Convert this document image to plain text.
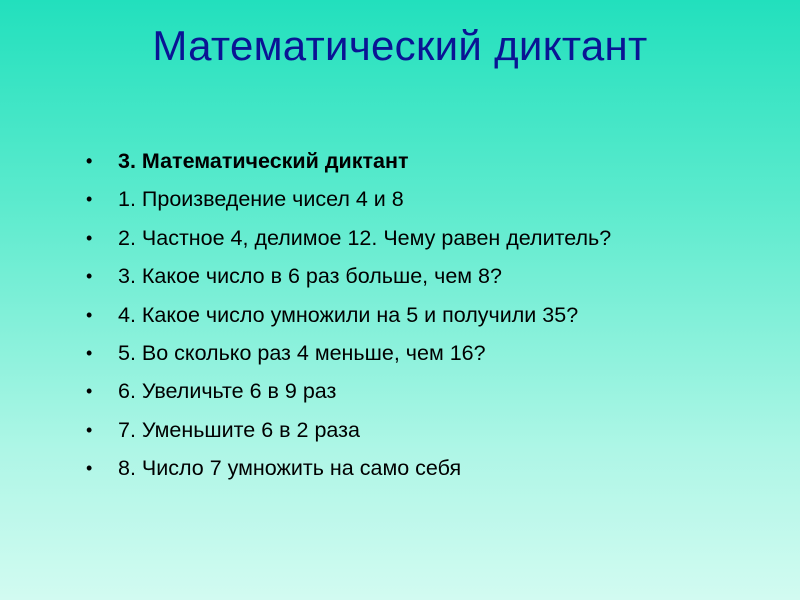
Математический диктант
• 3. Математический диктант
• 1. Произведение чисел 4 и 8
• 2. Частное 4, делимое 12. Чему равен делитель?
• 3. Какое число в 6 раз больше, чем 8?
• 4. Какое число умножили на 5 и получили 35?
• 5. Во сколько раз 4 меньше, чем 16?
• 6. Увеличьте 6 в 9 раз
• 7. Уменьшите 6 в 2 раза
• 8. Число 7 умножить на само себя
